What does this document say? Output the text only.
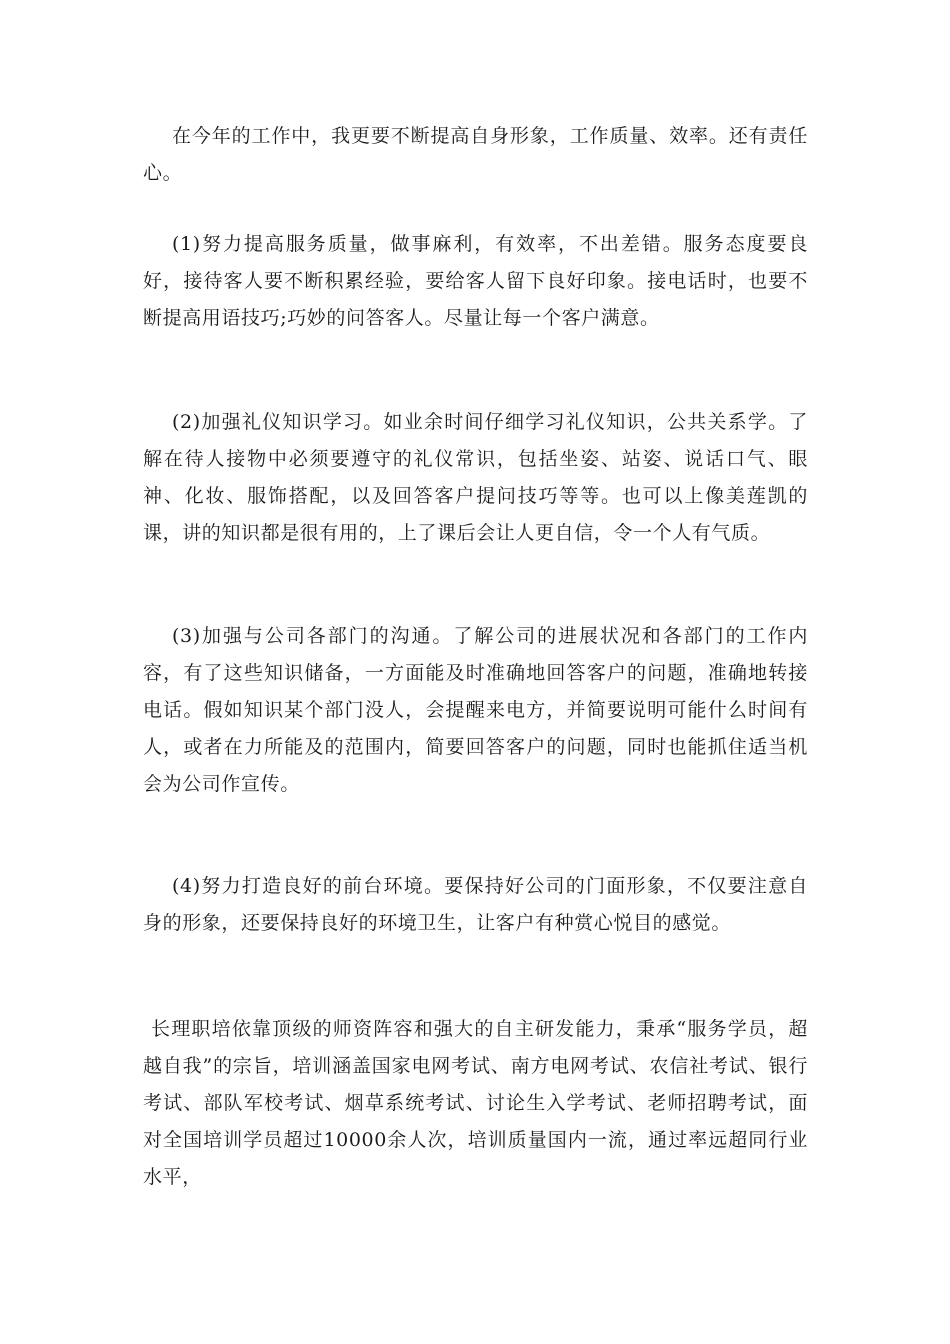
在今年的工作中，我更要不断提高自身形象，工作质量、效率。还有责任心。

(1)努力提高服务质量，做事麻利，有效率，不出差错。服务态度要良好，接待客人要不断积累经验，要给客人留下良好印象。接电话时，也要不断提高用语技巧;巧妙的问答客人。尽量让每一个客户满意。

(2)加强礼仪知识学习。如业余时间仔细学习礼仪知识，公共关系学。了解在待人接物中必须要遵守的礼仪常识，包括坐姿、站姿、说话口气、眼神、化妆、服饰搭配，以及回答客户提问技巧等等。也可以上像美莲凯的课，讲的知识都是很有用的，上了课后会让人更自信，令一个人有气质。

(3)加强与公司各部门的沟通。了解公司的进展状况和各部门的工作内容，有了这些知识储备，一方面能及时准确地回答客户的问题，准确地转接电话。假如知识某个部门没人，会提醒来电方，并简要说明可能什么时间有人，或者在力所能及的范围内，简要回答客户的问题，同时也能抓住适当机会为公司作宣传。

(4)努力打造良好的前台环境。要保持好公司的门面形象，不仅要注意自身的形象，还要保持良好的环境卫生，让客户有种赏心悦目的感觉。

长理职培依靠顶级的师资阵容和强大的自主研发能力，秉承“服务学员，超越自我”的宗旨，培训涵盖国家电网考试、南方电网考试、农信社考试、银行考试、部队军校考试、烟草系统考试、讨论生入学考试、老师招聘考试，面对全国培训学员超过10000余人次，培训质量国内一流，通过率远超同行业水平，
